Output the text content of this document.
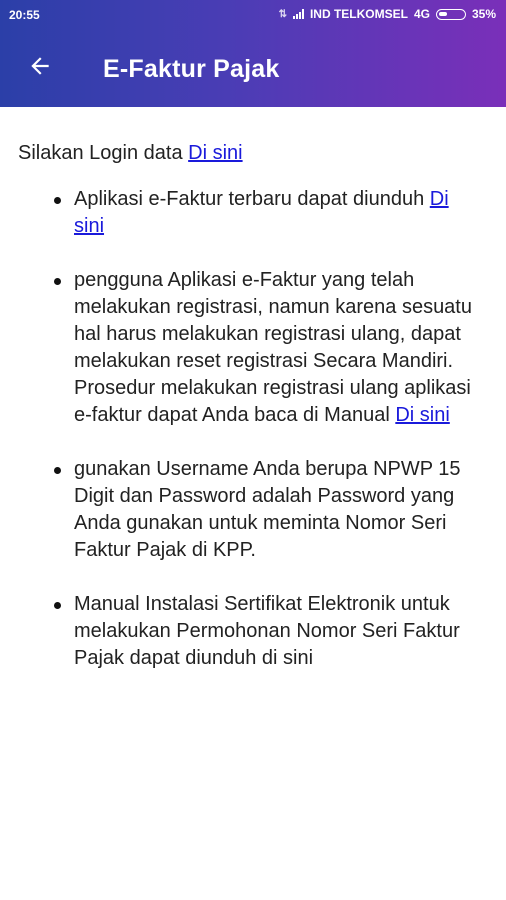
20:55	⇅ IND TELKOMSEL 4G	35%
E-Faktur Pajak
Silakan Login data Di sini
Aplikasi e-Faktur terbaru dapat diunduh Di sini
pengguna Aplikasi e-Faktur yang telah melakukan registrasi, namun karena sesuatu hal harus melakukan registrasi ulang, dapat melakukan reset registrasi Secara Mandiri. Prosedur melakukan registrasi ulang aplikasi e-faktur dapat Anda baca di Manual Di sini
gunakan Username Anda berupa NPWP 15 Digit dan Password adalah Password yang Anda gunakan untuk meminta Nomor Seri Faktur Pajak di KPP.
Manual Instalasi Sertifikat Elektronik untuk melakukan Permohonan Nomor Seri Faktur Pajak dapat diunduh di sini
